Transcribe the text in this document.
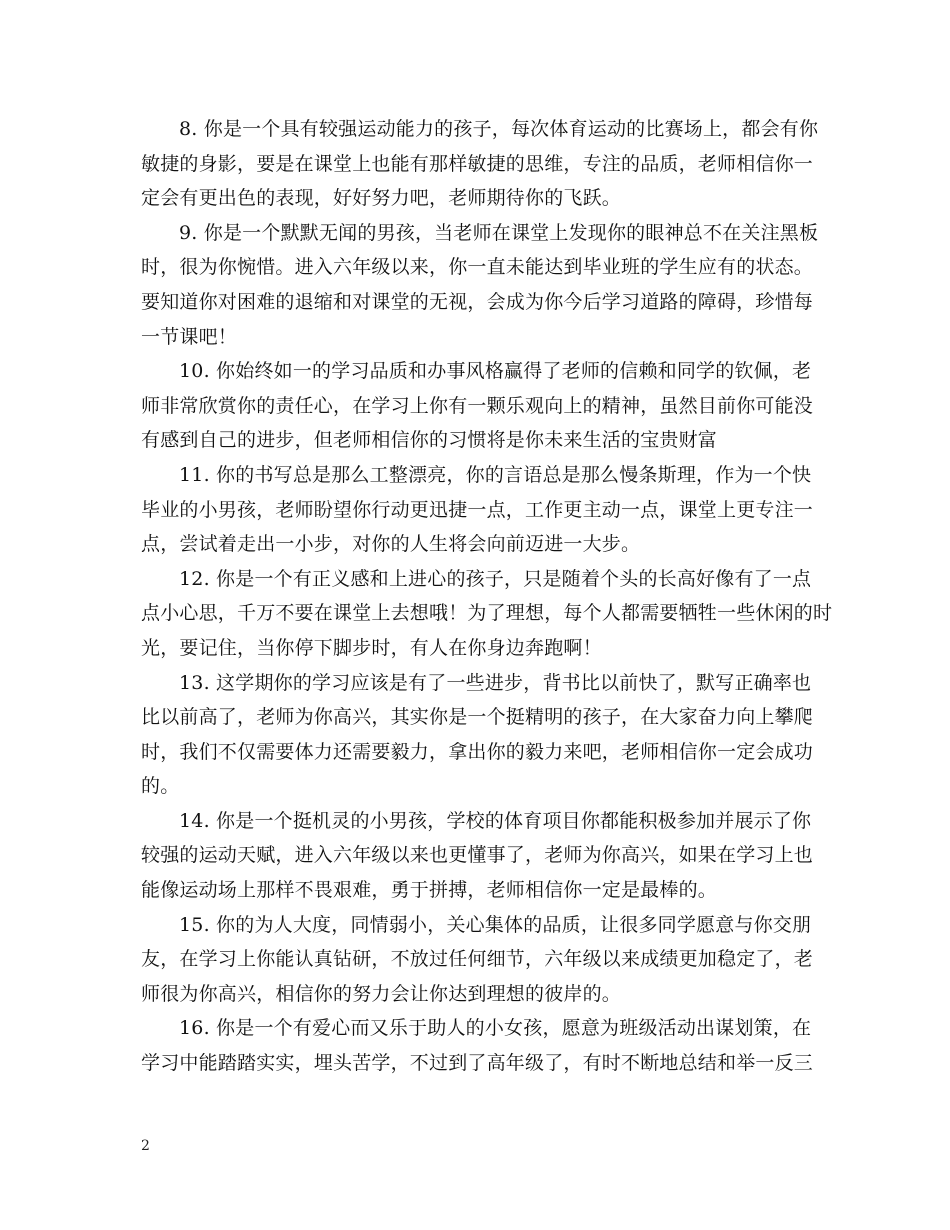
8. 你是一个具有较强运动能力的孩子，每次体育运动的比赛场上，都会有你
敏捷的身影，要是在课堂上也能有那样敏捷的思维，专注的品质，老师相信你一
定会有更出色的表现，好好努力吧，老师期待你的飞跃。
9. 你是一个默默无闻的男孩，当老师在课堂上发现你的眼神总不在关注黑板
时，很为你惋惜。进入六年级以来，你一直未能达到毕业班的学生应有的状态。
要知道你对困难的退缩和对课堂的无视，会成为你今后学习道路的障碍，珍惜每
一节课吧！
10. 你始终如一的学习品质和办事风格赢得了老师的信赖和同学的钦佩，老
师非常欣赏你的责任心，在学习上你有一颗乐观向上的精神，虽然目前你可能没
有感到自己的进步，但老师相信你的习惯将是你未来生活的宝贵财富
11. 你的书写总是那么工整漂亮，你的言语总是那么慢条斯理，作为一个快
毕业的小男孩，老师盼望你行动更迅捷一点，工作更主动一点，课堂上更专注一
点，尝试着走出一小步，对你的人生将会向前迈进一大步。
12. 你是一个有正义感和上进心的孩子，只是随着个头的长高好像有了一点
点小心思，千万不要在课堂上去想哦！为了理想，每个人都需要牺牲一些休闲的时
光，要记住，当你停下脚步时，有人在你身边奔跑啊！
13. 这学期你的学习应该是有了一些进步，背书比以前快了，默写正确率也
比以前高了，老师为你高兴，其实你是一个挺精明的孩子，在大家奋力向上攀爬
时，我们不仅需要体力还需要毅力，拿出你的毅力来吧，老师相信你一定会成功
的。
14. 你是一个挺机灵的小男孩，学校的体育项目你都能积极参加并展示了你
较强的运动天赋，进入六年级以来也更懂事了，老师为你高兴，如果在学习上也
能像运动场上那样不畏艰难，勇于拼搏，老师相信你一定是最棒的。
15. 你的为人大度，同情弱小，关心集体的品质，让很多同学愿意与你交朋
友，在学习上你能认真钻研，不放过任何细节，六年级以来成绩更加稳定了，老
师很为你高兴，相信你的努力会让你达到理想的彼岸的。
16. 你是一个有爱心而又乐于助人的小女孩，愿意为班级活动出谋划策，在
学习中能踏踏实实，埋头苦学，不过到了高年级了，有时不断地总结和举一反三
2
